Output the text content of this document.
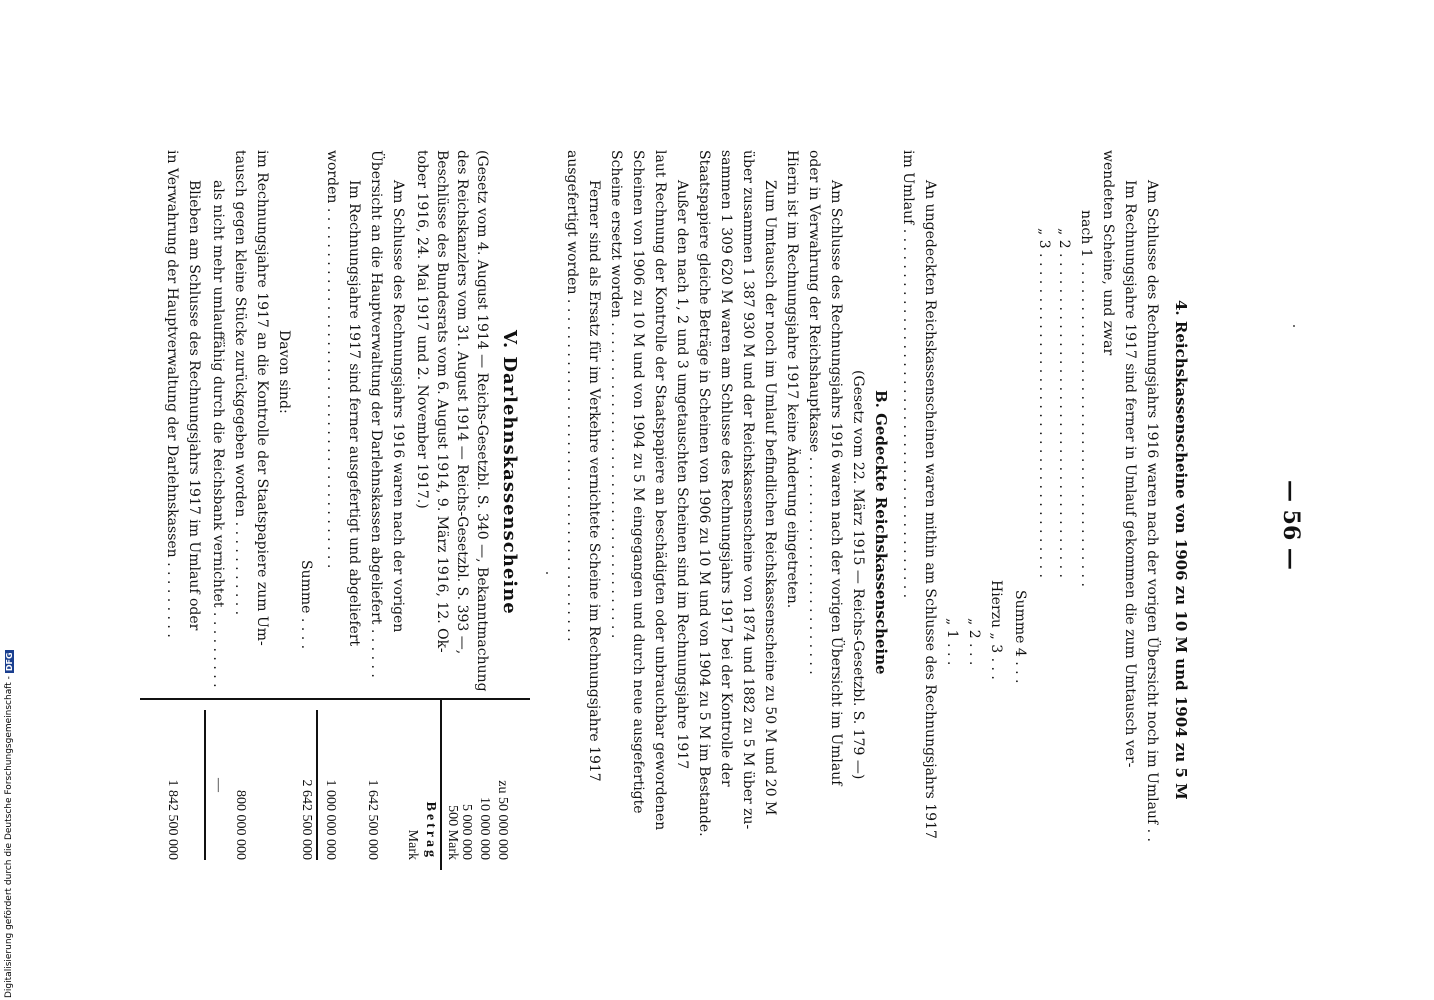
— 56 —
4. Reichskassenscheine von 1906 zu 10 M und 1904 zu 5 M
Am Schlusse des Rechnungsjahrs 1916 waren nach der vorigen Übersicht noch im Umlauf . .
Im Rechnungsjahre 1917 sind ferner in Umlauf gekommen die zum Umtausch ver-
wendeten Scheine, und zwar
nach 1 . . . . . . . . . . . . . . . . . . . . . . . . . . . . . . . . . . . . .
„ 2 . . . . . . . . . . . . . . . . . . . . . . . . . . . . . . . . . . . . .
„ 3 . . . . . . . . . . . . . . . . . . . . . . . . . . . . . . . . . . . . .
Summe 4 . . .
Hierzu „ 3 . . .
„ 2 . . .
„ 1 . . .
An ungedeckten Reichskassenscheinen waren mithin am Schlusse des Rechnungsjahrs 1917
im Umlauf . . . . . . . . . . . . . . . . . . . . . . . . . . . . . . . . . . . . . . . . . .
B. Gedeckte Reichskassenscheine
(Gesetz vom 22. März 1915 — Reichs-Gesetzbl. S. 179 —)
Am Schlusse des Rechnungsjahrs 1916 waren nach der vorigen Übersicht im Umlauf
oder in Verwahrung der Reichshauptkasse . . . . . . . . . . . . . . . . . . . . . . . . .
Hierin ist im Rechnungsjahre 1917 keine Änderung eingetreten.
Zum Umtausch der noch im Umlauf befindlichen Reichskassenscheine zu 50 M und 20 M
über zusammen 1 387 930 M und der Reichskassenscheine von 1874 und 1882 zu 5 M über zu-
sammen 1 309 620 M waren am Schlusse des Rechnungsjahrs 1917 bei der Kontrolle der
Staatspapiere gleiche Beträge in Scheinen von 1906 zu 10 M und von 1904 zu 5 M im Bestande.
Außer den nach 1, 2 und 3 umgetauschten Scheinen sind im Rechnungsjahre 1917
laut Rechnung der Kontrolle der Staatspapiere an beschädigten oder unbrauchbar gewordenen
Scheinen von 1906 zu 10 M und von 1904 zu 5 M eingegangen und durch neue ausgefertigte
Scheine ersetzt worden . . . . . . . . . . . . . . . . . . . . . . . . . . . . . . . . . . . .
Ferner sind als Ersatz für im Verkehre vernichtete Scheine im Rechnungsjahre 1917
ausgefertigt worden . . . . . . . . . . . . . . . . . . . . . . . . . . . . . . . . . . . . . . .
V. Darlehnskassenscheine
(Gesetz vom 4. August 1914 — Reichs-Gesetzbl. S. 340 —, Bekanntmachung
des Reichskanzlers vom 31. August 1914 — Reichs-Gesetzbl. S. 393 —,
Beschlüsse des Bundesrats vom 6. August 1914, 9. März 1916, 12. Ok-
tober 1916, 24. Mai 1917 und 2. November 1917.)
Am Schlusse des Rechnungsjahrs 1916 waren nach der vorigen
Übersicht an die Hauptverwaltung der Darlehnskassen abgeliefert . . . . . .
Im Rechnungsjahre 1917 sind ferner ausgefertigt und abgeliefert
worden . . . . . . . . . . . . . . . . . . . . . . . . . . . . . . . . . . . . . . . . .
Summe . . . .
Davon sind:
im Rechnungsjahre 1917 an die Kontrolle der Staatspapiere zum Um-
tausch gegen kleine Stücke zurückgegeben worden . . . . . . . . . . .
als nicht mehr umlauffähig durch die Reichsbank vernichtet . . . . . . . . .
Blieben am Schlusse des Rechnungsjahrs 1917 im Umlauf oder
in Verwahrung der Hauptverwaltung der Darlehnskassen . . . . . . . . .
zu 50 000 000
10 000 000
5 000 000
500 Mark
Betrag
Mark
1 642 500 000
1 000 000 000
2 642 500 000
800 000 000
—
1 842 500 000
Digitalisierung gefördert durch die Deutsche Forschungsgemeinschaft -
DFG
